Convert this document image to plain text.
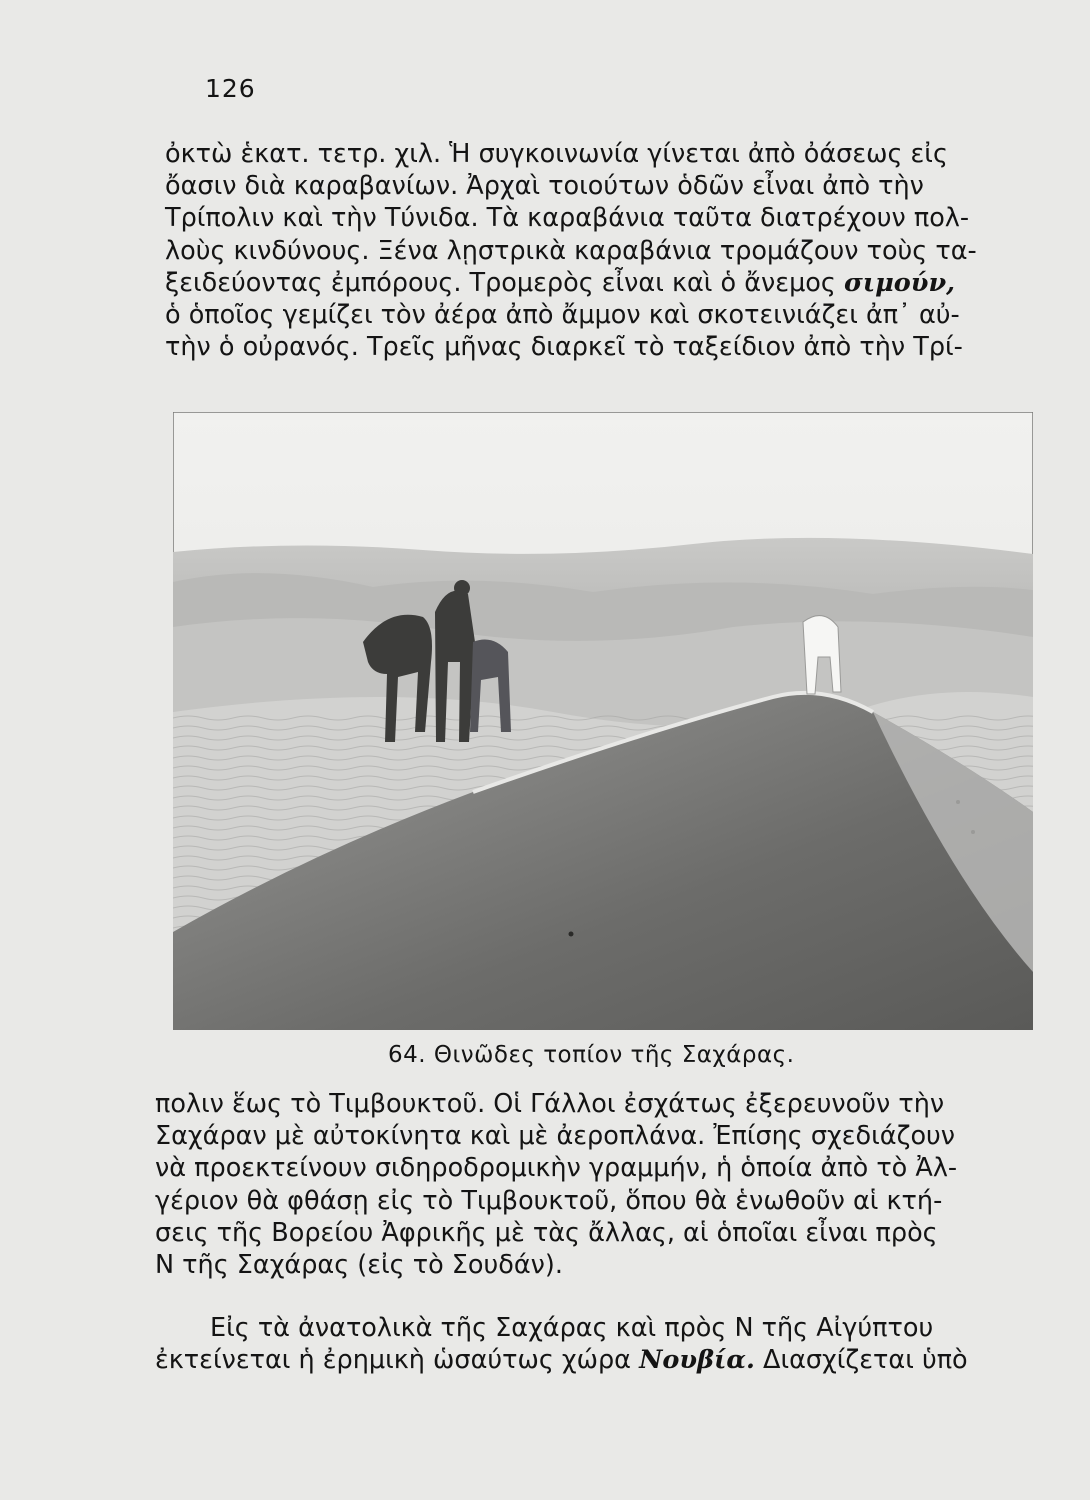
126

ὀκτὼ ἑκατ. τετρ. χιλ. Ἡ συγκοινωνία γίνεται ἀπὸ ὀάσεως εἰς
ὄασιν διὰ καραβανίων. Ἀρχαὶ τοιούτων ὁδῶν εἶναι ἀπὸ τὴν
Τρίπολιν καὶ τὴν Τύνιδα. Τὰ καραβάνια ταῦτα διατρέχουν πολ-
λοὺς κινδύνους. Ξένα λῃστρικὰ καραβάνια τρομάζουν τοὺς τα-
ξειδεύοντας ἐμπόρους. Τρομερὸς εἶναι καὶ ὁ ἄνεμος σιμούν,
ὁ ὁποῖος γεμίζει τὸν ἀέρα ἀπὸ ἄμμον καὶ σκοτεινιάζει ἀπ᾽ αὐ-
τὴν ὁ οὐρανός. Τρεῖς μῆνας διαρκεῖ τὸ ταξείδιον ἀπὸ τὴν Τρί-

64. Θινῶδες τοπίον τῆς Σαχάρας.

πολιν ἕως τὸ Τιμβουκτοῦ. Οἱ Γάλλοι ἐσχάτως ἐξερευνοῦν τὴν
Σαχάραν μὲ αὐτοκίνητα καὶ μὲ ἀεροπλάνα. Ἐπίσης σχεδιάζουν
νὰ προεκτείνουν σιδηροδρομικὴν γραμμήν, ἡ ὁποία ἀπὸ τὸ Ἀλ-
γέριον θὰ φθάσῃ εἰς τὸ Τιμβουκτοῦ, ὅπου θὰ ἑνωθοῦν αἱ κτή-
σεις τῆς Βορείου Ἀφρικῆς μὲ τὰς ἄλλας, αἱ ὁποῖαι εἶναι πρὸς
Ν τῆς Σαχάρας (εἰς τὸ Σουδάν).

Εἰς τὰ ἀνατολικὰ τῆς Σαχάρας καὶ πρὸς Ν τῆς Αἰγύπτου
ἐκτείνεται ἡ ἐρημικὴ ὡσαύτως χώρα Νουβία. Διασχίζεται ὑπὸ
